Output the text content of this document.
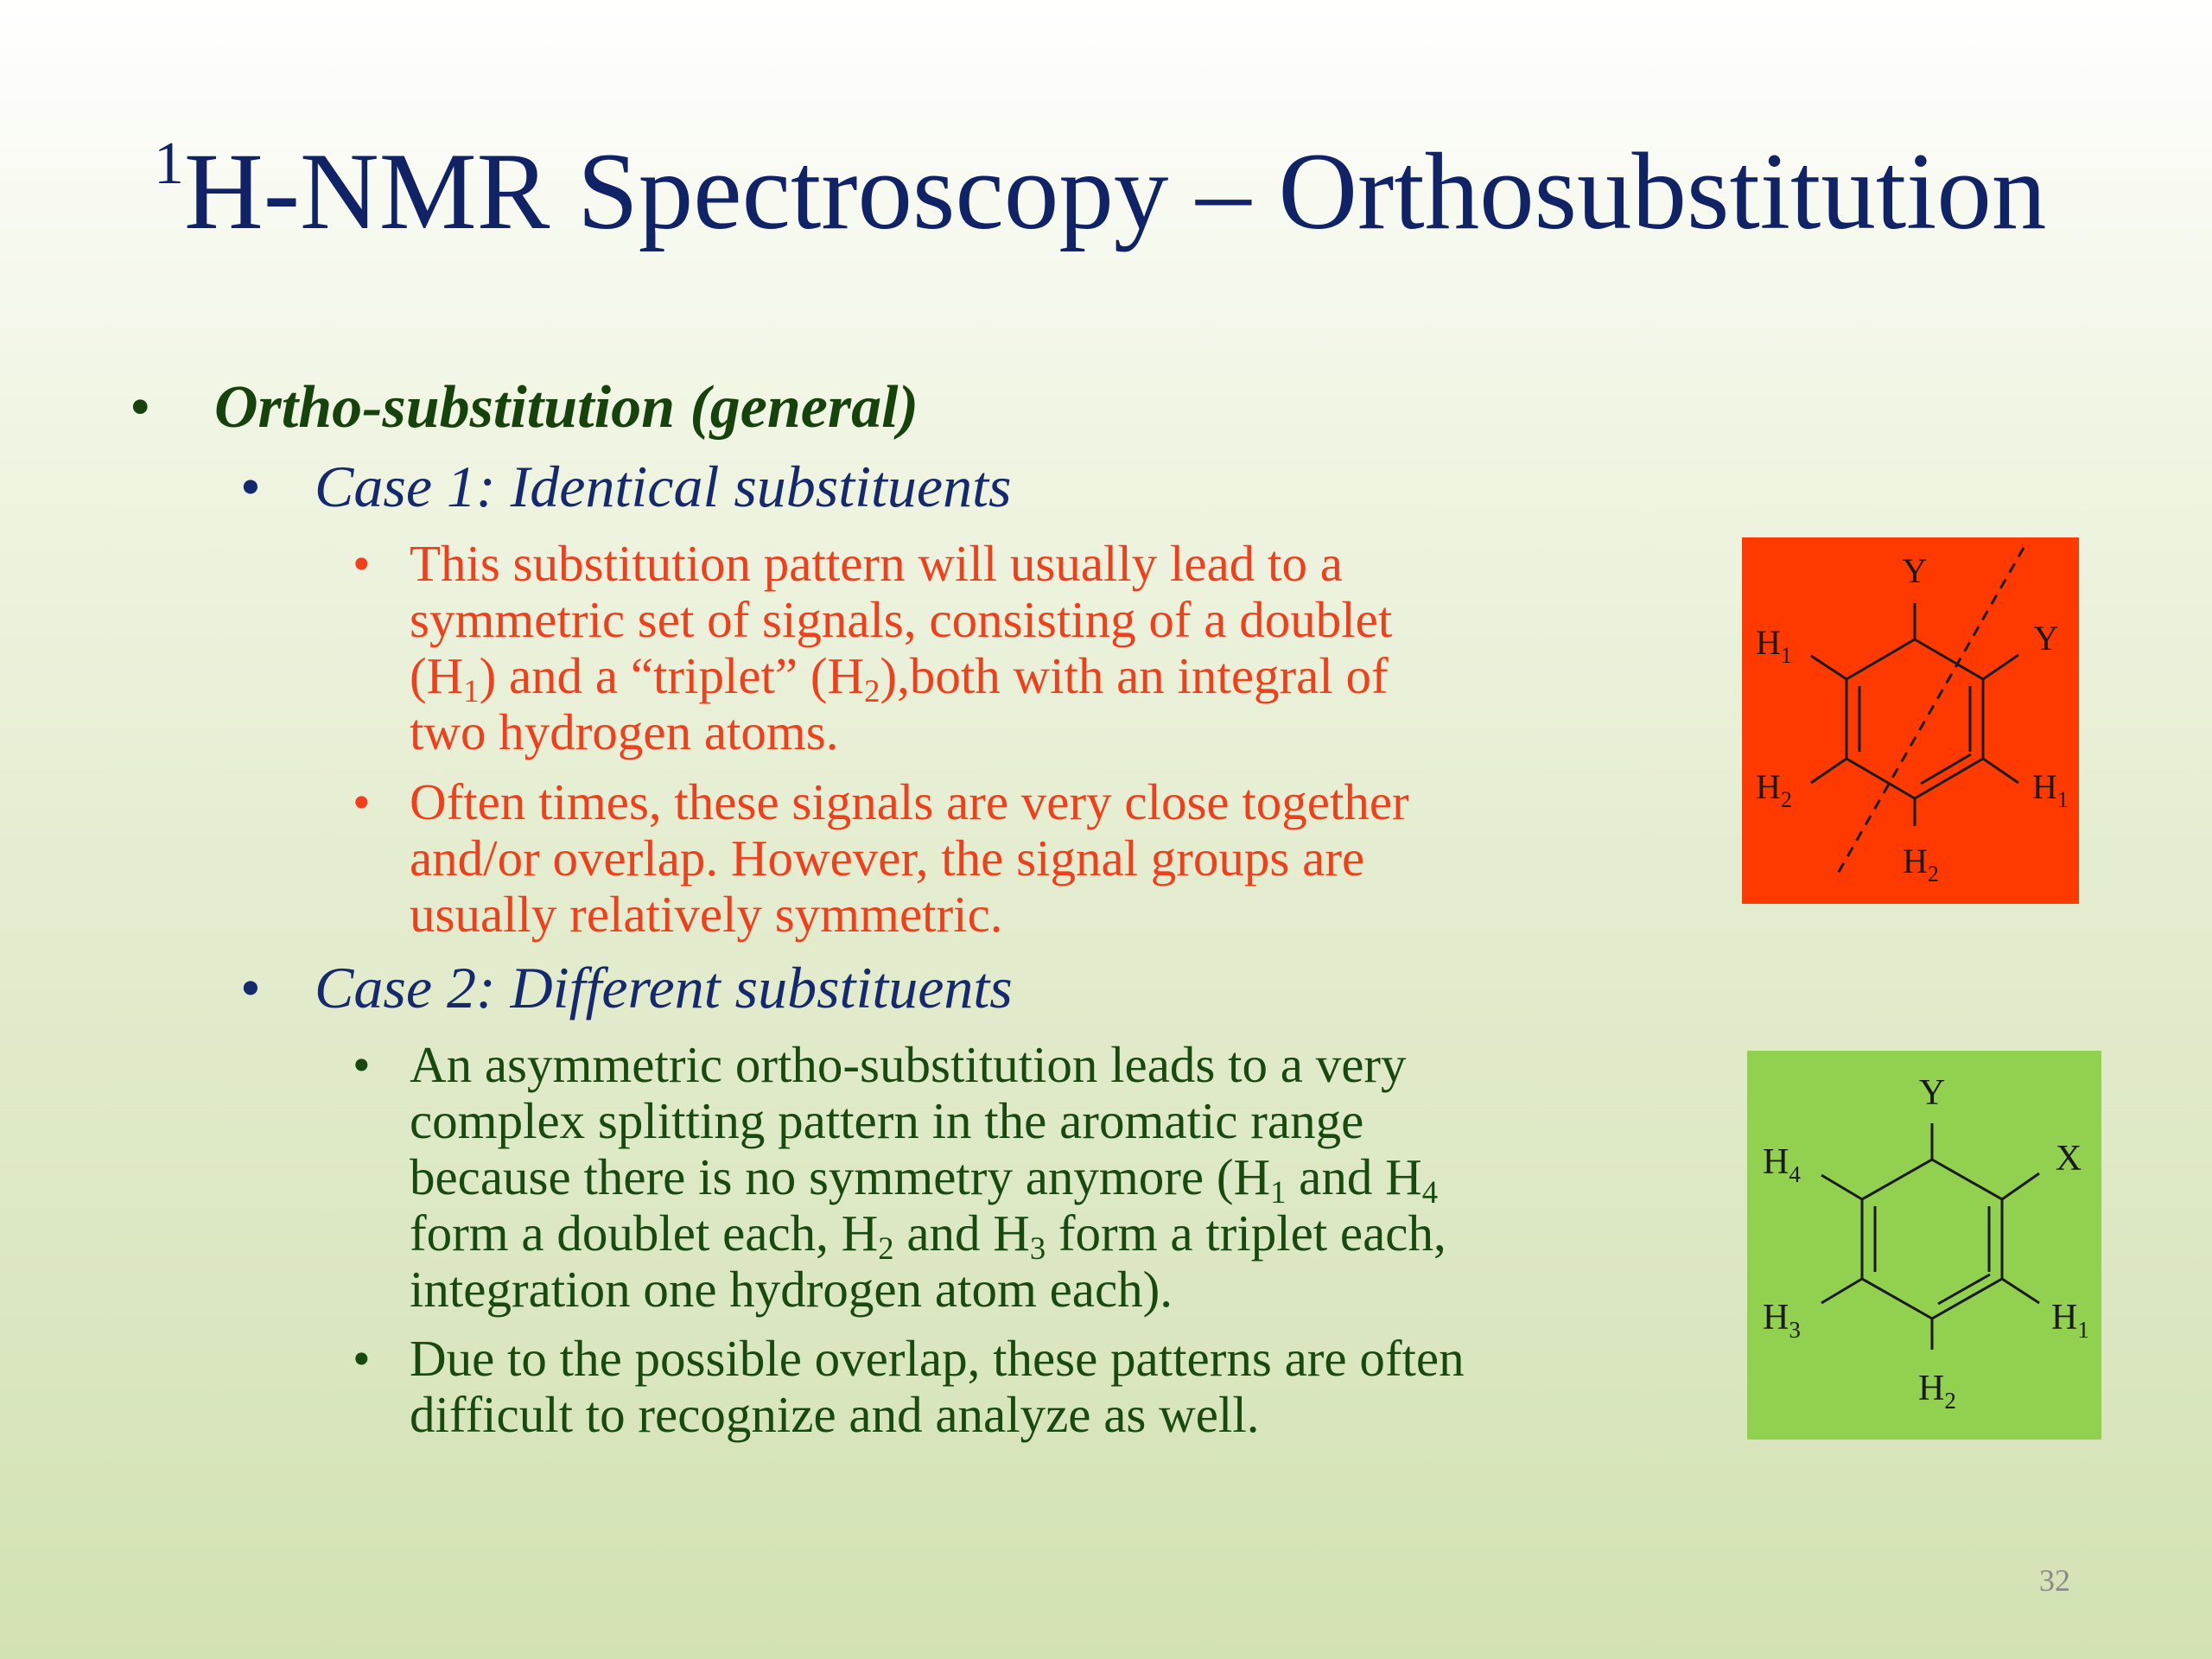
$^1$H-NMR Spectroscopy – Orthosubstitution
• Ortho-substitution (general)
• Case 1: Identical substituents
• This substitution pattern will usually lead to a
symmetric set of signals, consisting of a doublet
$(H_1)$ and a “triplet” $(H_2),both$ with an integral of
two hydrogen atoms.
• Often times, these signals are very close together
and/or overlap. However, the signal groups are
usually relatively symmetric.
• Case 2: Different substituents
• An asymmetric ortho-substitution leads to a very
complex splitting pattern in the aromatic range
because there is no symmetry anymore ($H_1$ and $H_4$
form a doublet each, $H_2$ and $H_3$ form a triplet each,
integration one hydrogen atom each).
• Due to the possible overlap, these patterns are often
difficult to recognize and analyze as well.
Y
Y
$H_1$
$H_2$	$H_1$
$H_2$
Y
X
$H_4$
$H_3$	$H_1$
$H_2$
32
